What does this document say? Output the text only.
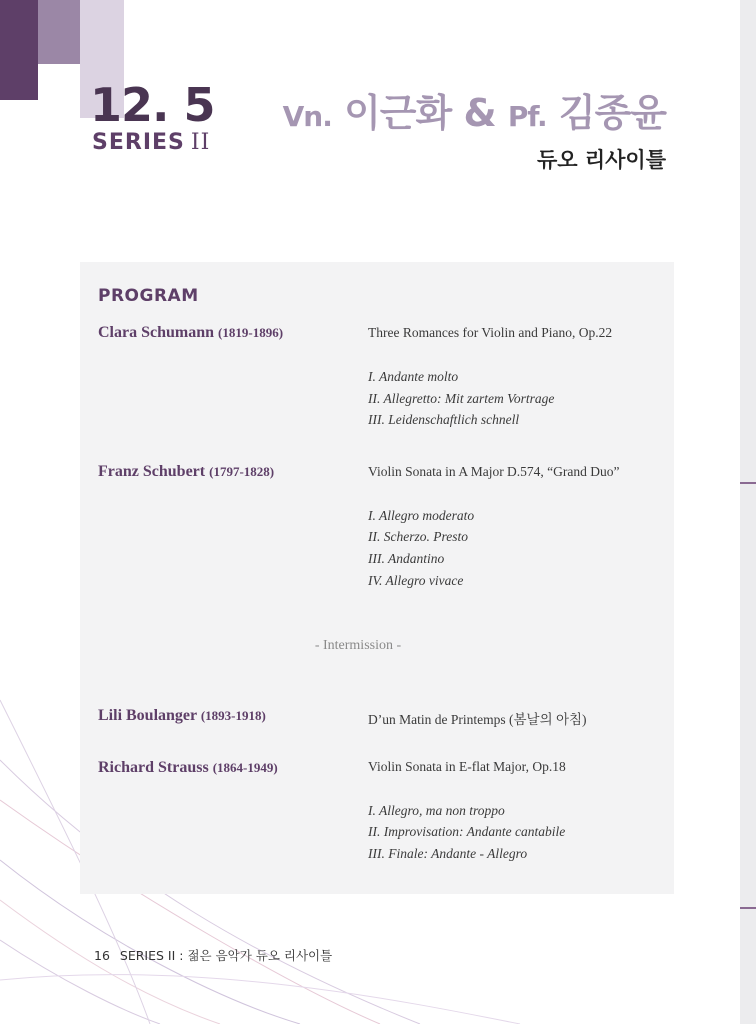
12. 5
SERIES II
Vn. 이근화 & Pf. 김종윤
듀오 리사이틀
PROGRAM
Clara Schumann (1819-1896)	Three Romances for Violin and Piano, Op.22
I. Andante molto
II. Allegretto: Mit zartem Vortrage
III. Leidenschaftlich schnell
Franz Schubert (1797-1828)	Violin Sonata in A Major D.574, “Grand Duo”
I. Allegro moderato
II. Scherzo. Presto
III. Andantino
IV. Allegro vivace
- Intermission -
Lili Boulanger (1893-1918)	D’un Matin de Printemps (봄날의 아침)
Richard Strauss (1864-1949)	Violin Sonata in E-flat Major, Op.18
I. Allegro, ma non troppo
II. Improvisation: Andante cantabile
III. Finale: Andante - Allegro
16 SERIES II : 젊은 음악가 듀오 리사이틀
